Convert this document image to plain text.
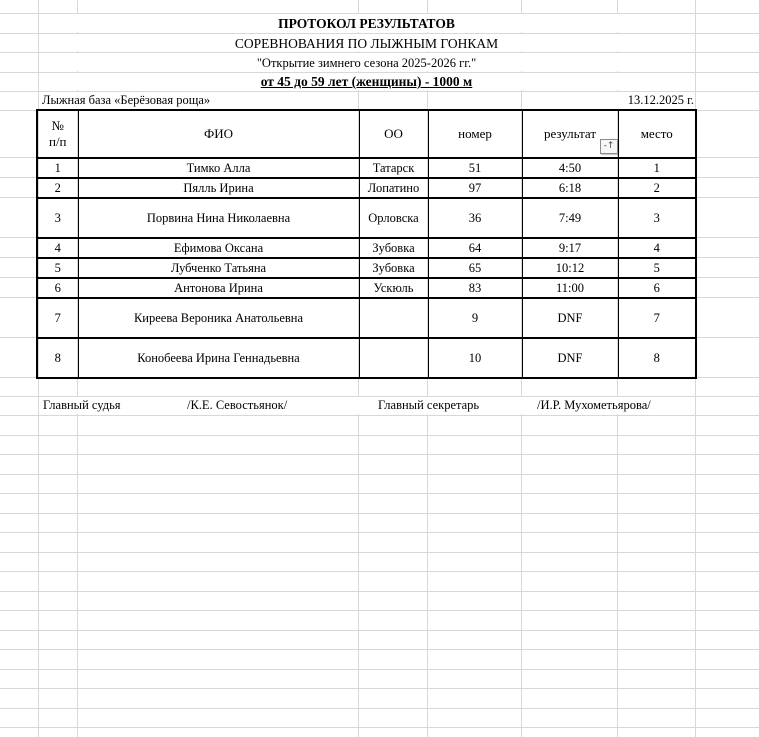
ПРОТОКОЛ РЕЗУЛЬТАТОВ
СОРЕВНОВАНИЯ ПО ЛЫЖНЫМ ГОНКАМ
"Открытие зимнего сезона 2025-2026 гг."
от 45 до 59 лет (женщины) - 1000 м
Лыжная база «Берёзовая роща»	13.12.2025 г.
№
п/п	ФИО	ОО	номер	результат	место
1	Тимко Алла	Татарск	51	4:50	1
2	Пялль Ирина	Лопатино	97	6:18	2
3	Порвина Нина Николаевна	Орловска	36	7:49	3
4	Ефимова Оксана	Зубовка	64	9:17	4
5	Лубченко Татьяна	Зубовка	65	10:12	5
6	Антонова Ирина	Ускюль	83	11:00	6
7	Киреева Вероника Анатольевна		9	DNF	7
8	Конобеева Ирина Геннадьевна		10	DNF	8
-↑
Главный судья	/К.Е. Севостьянок/	Главный секретарь	/И.Р. Мухометьярова/
